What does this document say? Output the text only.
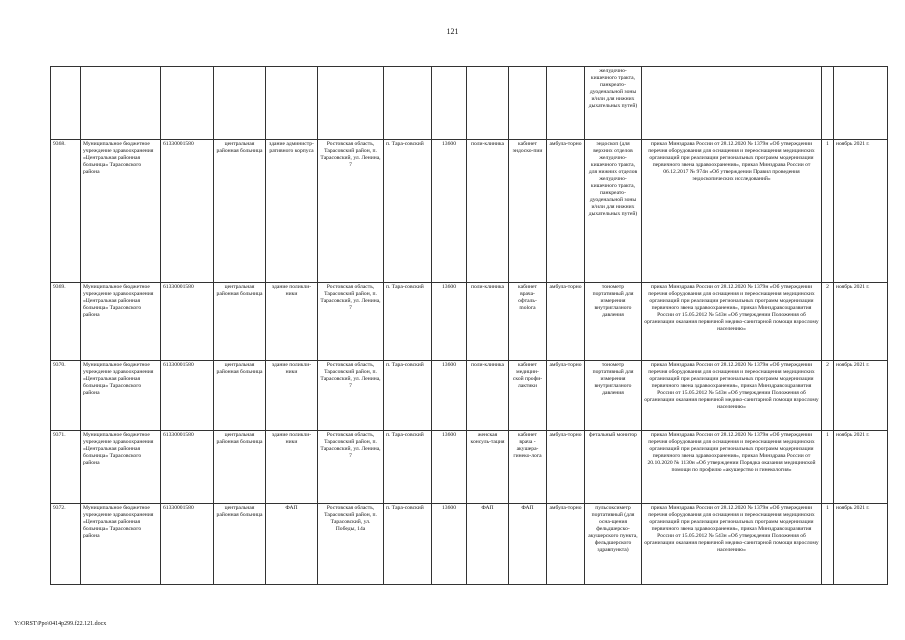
121
											желудочно-кишечного тракта, панкреато-дуоденальной зоны и/или для нижних дыхательных путей)			
9368.	Муниципальное бюджетное учреждение здравоохранения «Центральная районная больница» Тарасовского района	61330001580	центральная районная больница	здание администр-ративного корпуса	Ростовская область, Тарасовский район, п. Тарасовский, ул. Ленина, 7	п. Тара-совский	13600	поли-клиника	кабинет эндоско-пии	амбула-торно	эндоскоп (для верхних отделов желудочно-кишечного тракта, для нижних отделов желудочно-кишечного тракта, панкреато-дуоденальной зоны и/или для нижних дыхательных путей)	приказ Минздрава России от 28.12.2020 № 1379н «Об утверждении перечня оборудования для оснащения и переоснащения медицинских организаций при реализации региональных программ модернизации первичного звена здравоохранения», приказ Минздрава России от 06.12.2017 № 974н «Об утверждении Правил проведения эндоскопических исследований»	1	ноябрь 2021 г.
9369.	Муниципальное бюджетное учреждение здравоохранения «Центральная районная больница» Тарасовского района	61330001580	центральная районная больница	здание поликли-ники	Ростовская область, Тарасовский район, п. Тарасовский, ул. Ленина, 7	п. Тара-совский	13600	поли-клиника	кабинет врача-офталь-molога	амбула-торно	тонометр портативный для измерения внутриглазного давления	приказ Минздрава России от 28.12.2020 № 1379н «Об утверждении перечня оборудования для оснащения и переоснащения медицинских организаций при реализации региональных программ модернизации первичного звена здравоохранения», приказ Минздравсоцразвития России от 15.05.2012 № 543н «Об утверждении Положения об организации оказания первичной медико-санитарной помощи взрослому населению»	2	ноябрь 2021 г.
9370.	Муниципальное бюджетное учреждение здравоохранения «Центральная районная больница» Тарасовского района	61330001580	центральная районная больница	здание поликли-ники	Ростовская область, Тарасовский район, п. Тарасовский, ул. Ленина, 7	п. Тара-совский	13600	поли-клиника	кабинет медицин-ской профи-лактики	амбула-торно	тонометр портативный для измерения внутриглазного давления	приказ Минздрава России от 28.12.2020 № 1379н «Об утверждении перечня оборудования для оснащения и переоснащения медицинских организаций при реализации региональных программ модернизации первичного звена здравоохранения», приказ Минздравсоцразвития России от 15.05.2012 № 543н «Об утверждении Положения об организации оказания первичной медико-санитарной помощи взрослому населению»	2	ноябрь 2021 г.
9371.	Муниципальное бюджетное учреждение здравоохранения «Центральная районная больница» Тарасовского района	61330001580	центральная районная больница	здание поликли-ники	Ростовская область, Тарасовский район, п. Тарасовский, ул. Ленина, 7	п. Тара-совский	13600	женская консуль-тация	кабинет врача - акушера-гинеко-лога	амбула-торно	фетальный монитор	приказ Минздрава России от 28.12.2020 № 1379н «Об утверждении перечня оборудования для оснащения и переоснащения медицинских организаций при реализации региональных программ модернизации первичного звена здравоохранения», приказ Минздрава России от 20.10.2020 № 1130н «Об утверждении Порядка оказания медицинской помощи по профилю «акушерство и гинекология»	1	ноябрь 2021 г.
9372.	Муниципальное бюджетное учреждение здравоохранения «Центральная районная больница» Тарасовского района	61330001580	центральная районная больница	ФАП	Ростовская область, Тарасовский район, п. Тарасовский, ул. Победы, 14а	п. Тара-совский	13600	ФАП	ФАП	амбула-торно	пульсоксиметр портативный (для осна-щения фельдшерско-акушерского пункта, фельдшерского здравпункта)	приказ Минздрава России от 28.12.2020 № 1379н «Об утверждении перечня оборудования для оснащения и переоснащения медицинских организаций при реализации региональных программ модернизации первичного звена здравоохранения», приказ Минздравсоцразвития России от 15.05.2012 № 543н «Об утверждении Положения об организации оказания первичной медико-санитарной помощи взрослому населению»	1	ноябрь 2021 г.
Y:\ORST\Ppo\0414p299.f22.121.docx
